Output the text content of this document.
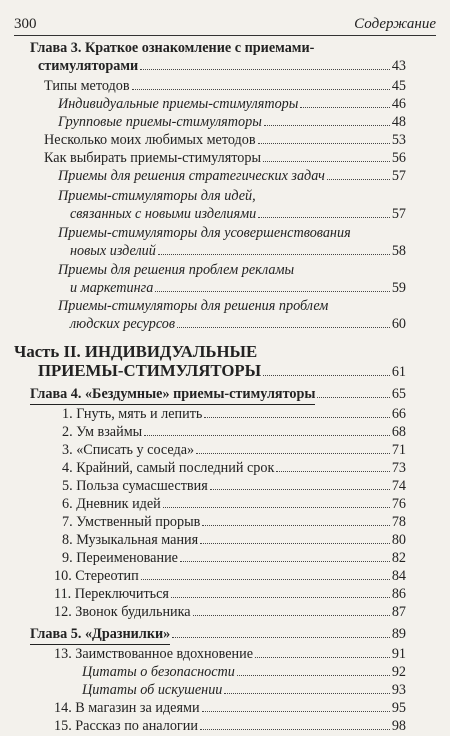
300	Содержание
Глава 3. Краткое ознакомление с приемами-
стимуляторами	43
Типы методов	45
Индивидуальные приемы-стимуляторы	46
Групповые приемы-стимуляторы	48
Несколько моих любимых методов	53
Как выбирать приемы-стимуляторы	56
Приемы для решения стратегических задач	57
Приемы-стимуляторы для идей,
связанных с новыми изделиями	57
Приемы-стимуляторы для усовершенствования
новых изделий	58
Приемы для решения проблем рекламы
и маркетинга	59
Приемы-стимуляторы для решения проблем
людских ресурсов	60
Часть II. ИНДИВИДУАЛЬНЫЕ
ПРИЕМЫ-СТИМУЛЯТОРЫ	61
Глава 4. «Бездумные» приемы-стимуляторы	65
1. Гнуть, мять и лепить	66
2. Ум взаймы	68
3. «Списать у соседа»	71
4. Крайний, самый последний срок	73
5. Польза сумасшествия	74
6. Дневник идей	76
7. Умственный прорыв	78
8. Музыкальная мания	80
9. Переименование	82
10. Стереотип	84
11. Переключиться	86
12. Звонок будильника	87
Глава 5. «Дразнилки»	89
13. Заимствованное вдохновение	91
Цитаты о безопасности	92
Цитаты об искушении	93
14. В магазин за идеями	95
15. Рассказ по аналогии	98
